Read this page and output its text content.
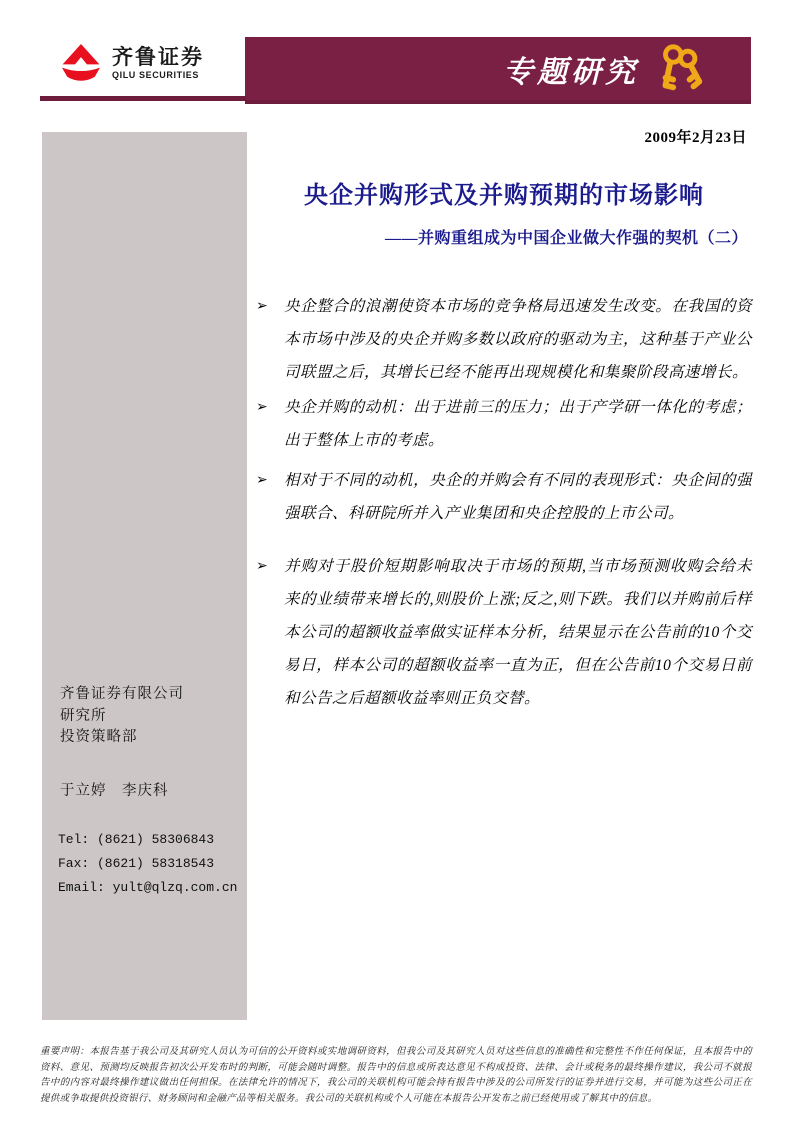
齐鲁证券
QILU SECURITIES	专题研究
2009年2月23日
齐鲁证券有限公司
研究所
投资策略部
于立婷　李庆科
Tel: (8621) 58306843
Fax: (8621) 58318543
Email: yult@qlzq.com.cn
央企并购形式及并购预期的市场影响
——并购重组成为中国企业做大作强的契机（二）
➢	央企整合的浪潮使资本市场的竞争格局迅速发生改变。在我国的资本市场中涉及的央企并购多数以政府的驱动为主，这种基于产业公司联盟之后，其增长已经不能再出现规模化和集聚阶段高速增长。

➢	央企并购的动机：出于进前三的压力；出于产学研一体化的考虑；出于整体上市的考虑。

➢	相对于不同的动机，央企的并购会有不同的表现形式：央企间的强强联合、科研院所并入产业集团和央企控股的上市公司。

➢	并购对于股价短期影响取决于市场的预期,当市场预测收购会给未来的业绩带来增长的,则股价上涨;反之,则下跌。我们以并购前后样本公司的超额收益率做实证样本分析，结果显示在公告前的10个交易日，样本公司的超额收益率一直为正，但在公告前10个交易日前和公告之后超额收益率则正负交替。

重要声明：本报告基于我公司及其研究人员认为可信的公开资料或实地调研资料，但我公司及其研究人员对这些信息的准确性和完整性不作任何保证，且本报告中的资料、意见、预测均反映报告初次公开发布时的判断，可能会随时调整。报告中的信息或所表达意见不构成投资、法律、会计或税务的最终操作建议，我公司不就报告中的内容对最终操作建议做出任何担保。在法律允许的情况下，我公司的关联机构可能会持有报告中涉及的公司所发行的证券并进行交易，并可能为这些公司正在提供或争取提供投资银行、财务顾问和金融产品等相关服务。我公司的关联机构或个人可能在本报告公开发布之前已经使用或了解其中的信息。
